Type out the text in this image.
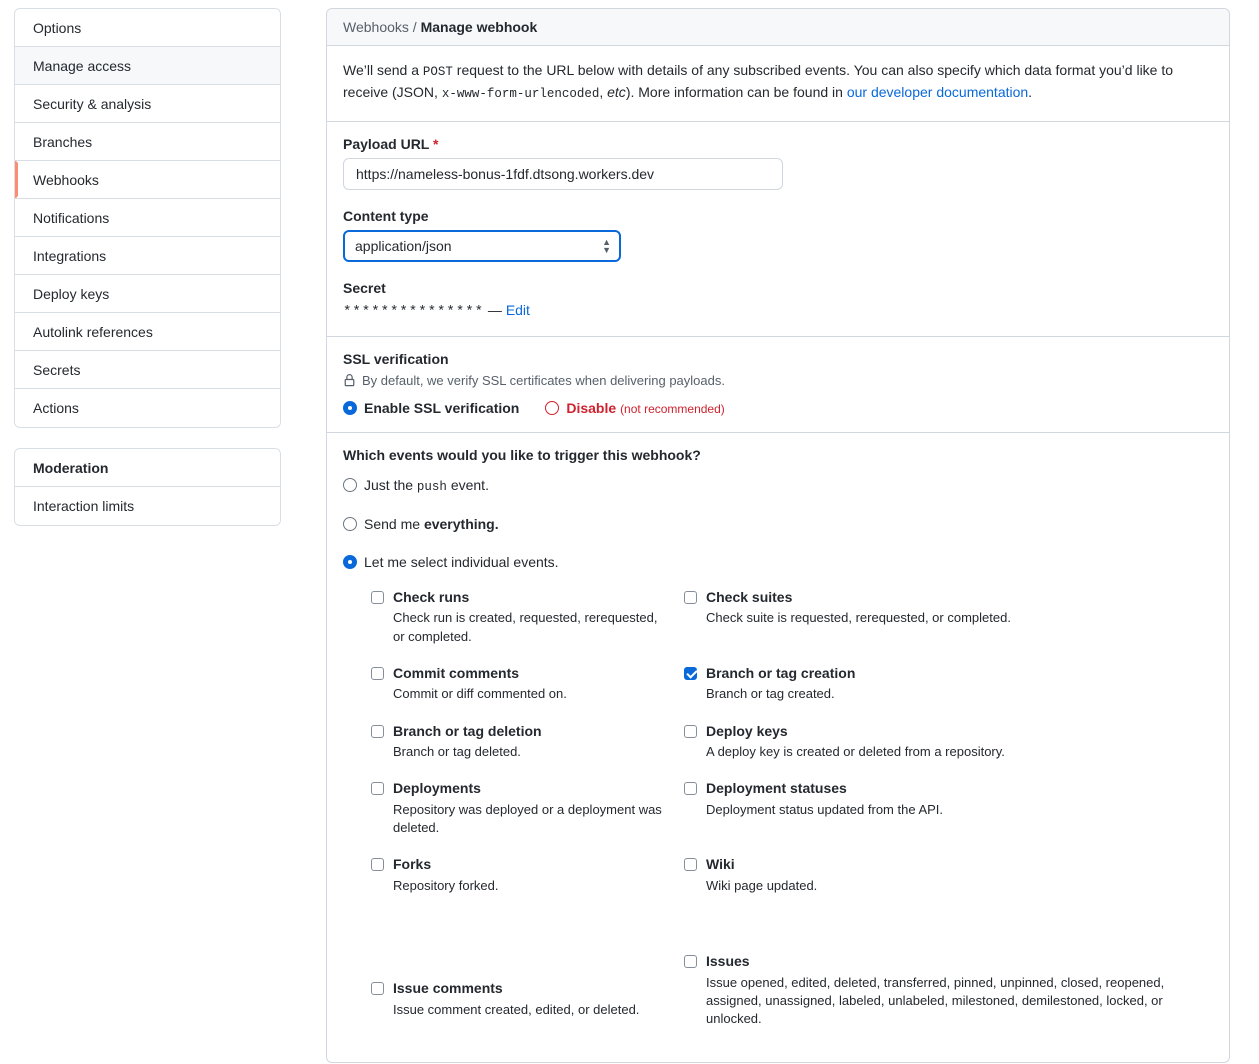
Options
Manage access
Security & analysis
Branches
Webhooks
Notifications
Integrations
Deploy keys
Autolink references
Secrets
Actions
Moderation
Interaction limits
Webhooks / Manage webhook
We’ll send a POST request to the URL below with details of any subscribed events. You can also specify which data format you’d like to receive (JSON, x-www-form-urlencoded, etc). More information can be found in our developer documentation.
Payload URL *
https://nameless-bonus-1fdf.dtsong.workers.dev
Content type
application/json
▲
▼
Secret
*************** — Edit
SSL verification
By default, we verify SSL certificates when delivering payloads.
Enable SSL verification	Disable (not recommended)
Which events would you like to trigger this webhook?
Just the push event.
Send me everything.
Let me select individual events.
Check runs
Check run is created, requested, rerequested, or completed.
Check suites
Check suite is requested, rerequested, or completed.
Commit comments
Commit or diff commented on.
Branch or tag creation
Branch or tag created.
Branch or tag deletion
Branch or tag deleted.
Deploy keys
A deploy key is created or deleted from a repository.
Deployments
Repository was deployed or a deployment was deleted.
Deployment statuses
Deployment status updated from the API.
Forks
Repository forked.
Wiki
Wiki page updated.
Issue comments
Issue comment created, edited, or deleted.
Issues
Issue opened, edited, deleted, transferred, pinned, unpinned, closed, reopened, assigned, unassigned, labeled, unlabeled, milestoned, demilestoned, locked, or unlocked.
